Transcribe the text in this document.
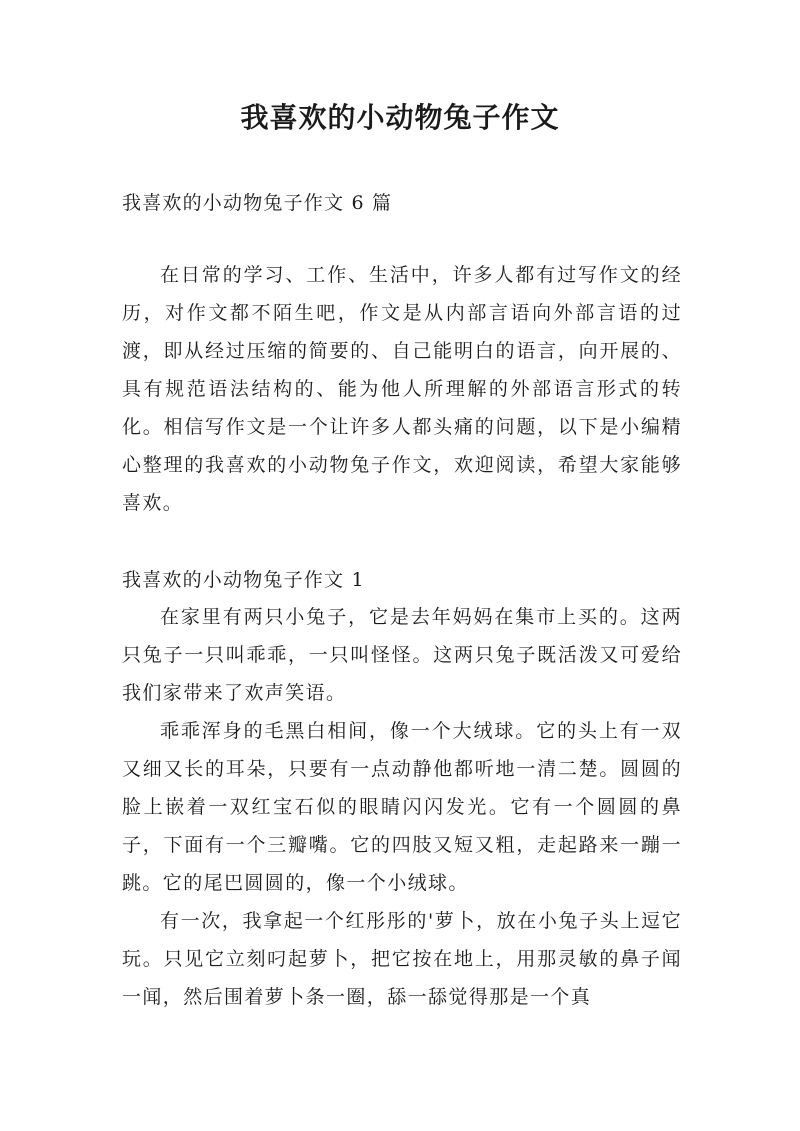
我喜欢的小动物兔子作文
我喜欢的小动物兔子作文 6 篇

在日常的学习、工作、生活中，许多人都有过写作文的经历，对作文都不陌生吧，作文是从内部言语向外部言语的过渡，即从经过压缩的简要的、自己能明白的语言，向开展的、具有规范语法结构的、能为他人所理解的外部语言形式的转化。相信写作文是一个让许多人都头痛的问题，以下是小编精心整理的我喜欢的小动物兔子作文，欢迎阅读，希望大家能够喜欢。

我喜欢的小动物兔子作文 1

在家里有两只小兔子，它是去年妈妈在集市上买的。这两只兔子一只叫乖乖，一只叫怪怪。这两只兔子既活泼又可爱给我们家带来了欢声笑语。

乖乖浑身的毛黑白相间，像一个大绒球。它的头上有一双又细又长的耳朵，只要有一点动静他都听地一清二楚。圆圆的脸上嵌着一双红宝石似的眼睛闪闪发光。它有一个圆圆的鼻子，下面有一个三瓣嘴。它的四肢又短又粗，走起路来一蹦一跳。它的尾巴圆圆的，像一个小绒球。

有一次，我拿起一个红彤彤的'萝卜，放在小兔子头上逗它玩。只见它立刻叼起萝卜，把它按在地上，用那灵敏的鼻子闻一闻，然后围着萝卜条一圈，舔一舔觉得那是一个真
